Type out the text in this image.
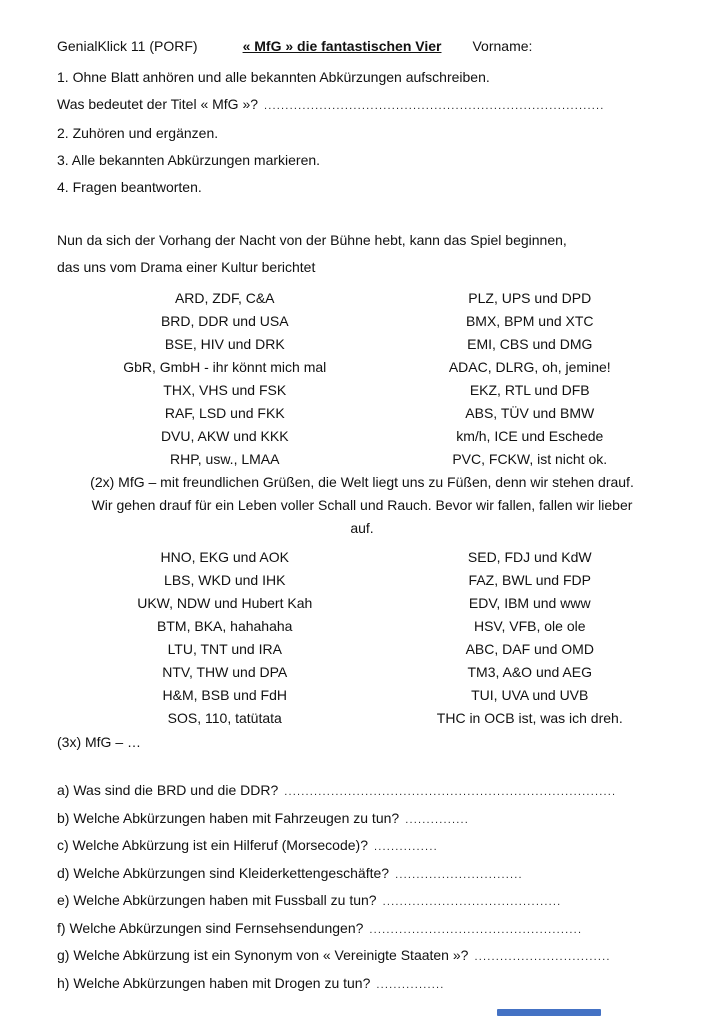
GenialKlick 11 (PORF)	« MfG » die fantastischen Vier Vorname:
1. Ohne Blatt anhören und alle bekannten Abkürzungen aufschreiben.
Was bedeutet der Titel « MfG »? ................................................................................
2. Zuhören und ergänzen.
3. Alle bekannten Abkürzungen markieren.
4. Fragen beantworten.
Nun da sich der Vorhang der Nacht von der Bühne hebt, kann das Spiel beginnen,
das uns vom Drama einer Kultur berichtet
ARD, ZDF, C&A	PLZ, UPS und DPD
BRD, DDR und USA	BMX, BPM und XTC
BSE, HIV und DRK	EMI, CBS und DMG
GbR, GmbH - ihr könnt mich mal	ADAC, DLRG, oh, jemine!
THX, VHS und FSK	EKZ, RTL und DFB
RAF, LSD und FKK	ABS, TÜV und BMW
DVU, AKW und KKK	km/h, ICE und Eschede
RHP, usw., LMAA	PVC, FCKW, ist nicht ok.
(2x) MfG – mit freundlichen Grüßen, die Welt liegt uns zu Füßen, denn wir stehen drauf.
Wir gehen drauf für ein Leben voller Schall und Rauch. Bevor wir fallen, fallen wir lieber
auf.
HNO, EKG und AOK	SED, FDJ und KdW
LBS, WKD und IHK	FAZ, BWL und FDP
UKW, NDW und Hubert Kah	EDV, IBM und www
BTM, BKA, hahahaha	HSV, VFB, ole ole
LTU, TNT und IRA	ABC, DAF und OMD
NTV, THW und DPA	TM3, A&O und AEG
H&M, BSB und FdH	TUI, UVA und UVB
SOS, 110, tatütata	THC in OCB ist, was ich dreh.
(3x) MfG – …
a) Was sind die BRD und die DDR? ..............................................................................
b) Welche Abkürzungen haben mit Fahrzeugen zu tun? ...............
c) Welche Abkürzung ist ein Hilferuf (Morsecode)? ...............
d) Welche Abkürzungen sind Kleiderkettengeschäfte? ..............................
e) Welche Abkürzungen haben mit Fussball zu tun? ..........................................
f) Welche Abkürzungen sind Fernsehsendungen? ..................................................
g) Welche Abkürzung ist ein Synonym von « Vereinigte Staaten »? ................................
h) Welche Abkürzungen haben mit Drogen zu tun? ................
